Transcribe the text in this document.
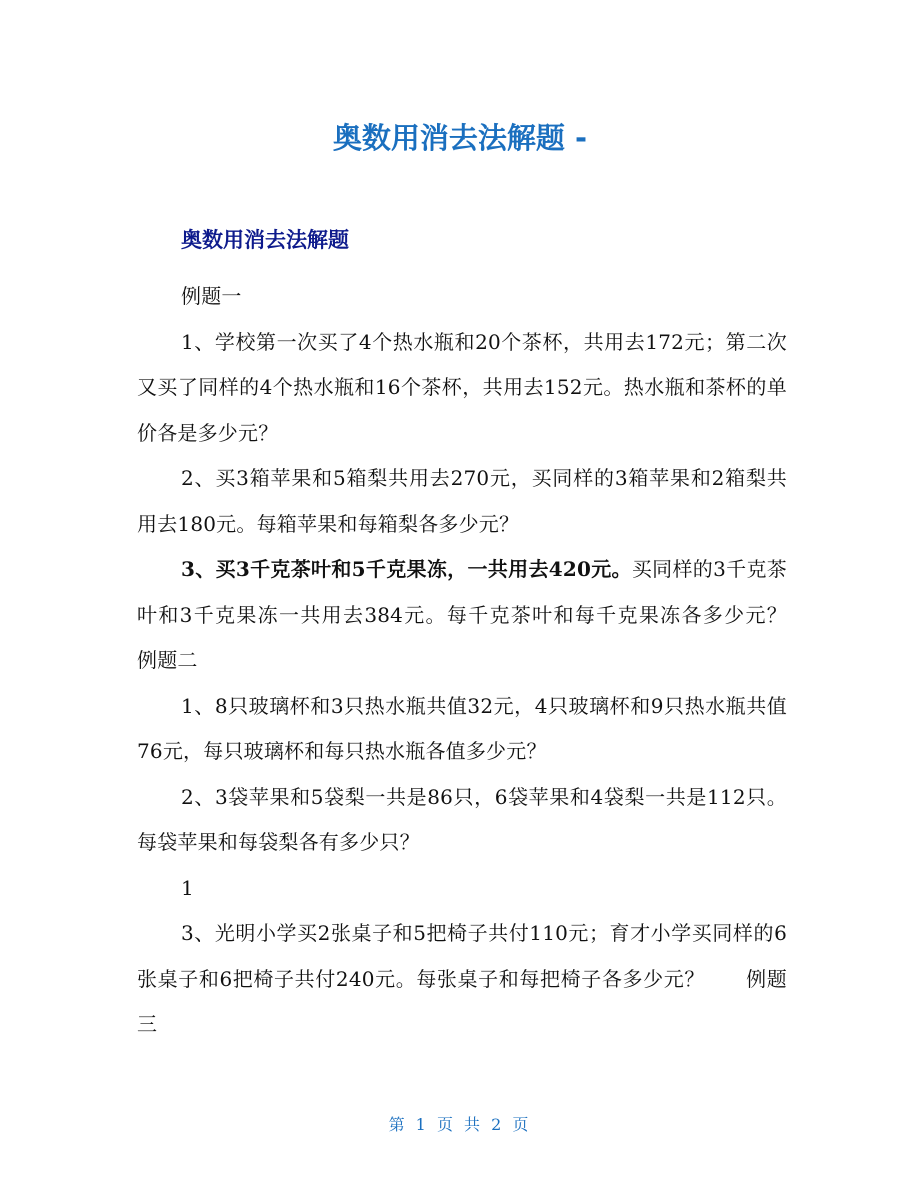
奥数用消去法解题 -
奥数用消去法解题

例题一

1、学校第一次买了4个热水瓶和20个茶杯，共用去172元；第二次又买了同样的4个热水瓶和16个茶杯，共用去152元。热水瓶和茶杯的单价各是多少元？

2、买3箱苹果和5箱梨共用去270元，买同样的3箱苹果和2箱梨共用去180元。每箱苹果和每箱梨各多少元？

3、买3千克茶叶和5千克果冻，一共用去420元。买同样的3千克茶叶和3千克果冻一共用去384元。每千克茶叶和每千克果冻各多少元？　　例题二

1、8只玻璃杯和3只热水瓶共值32元，4只玻璃杯和9只热水瓶共值76元，每只玻璃杯和每只热水瓶各值多少元？

2、3袋苹果和5袋梨一共是86只，6袋苹果和4袋梨一共是112只。每袋苹果和每袋梨各有多少只？

1

3、光明小学买2张桌子和5把椅子共付110元；育才小学买同样的6张桌子和6把椅子共付240元。每张桌子和每把椅子各多少元？　　例题三

第 1 页 共 2 页
